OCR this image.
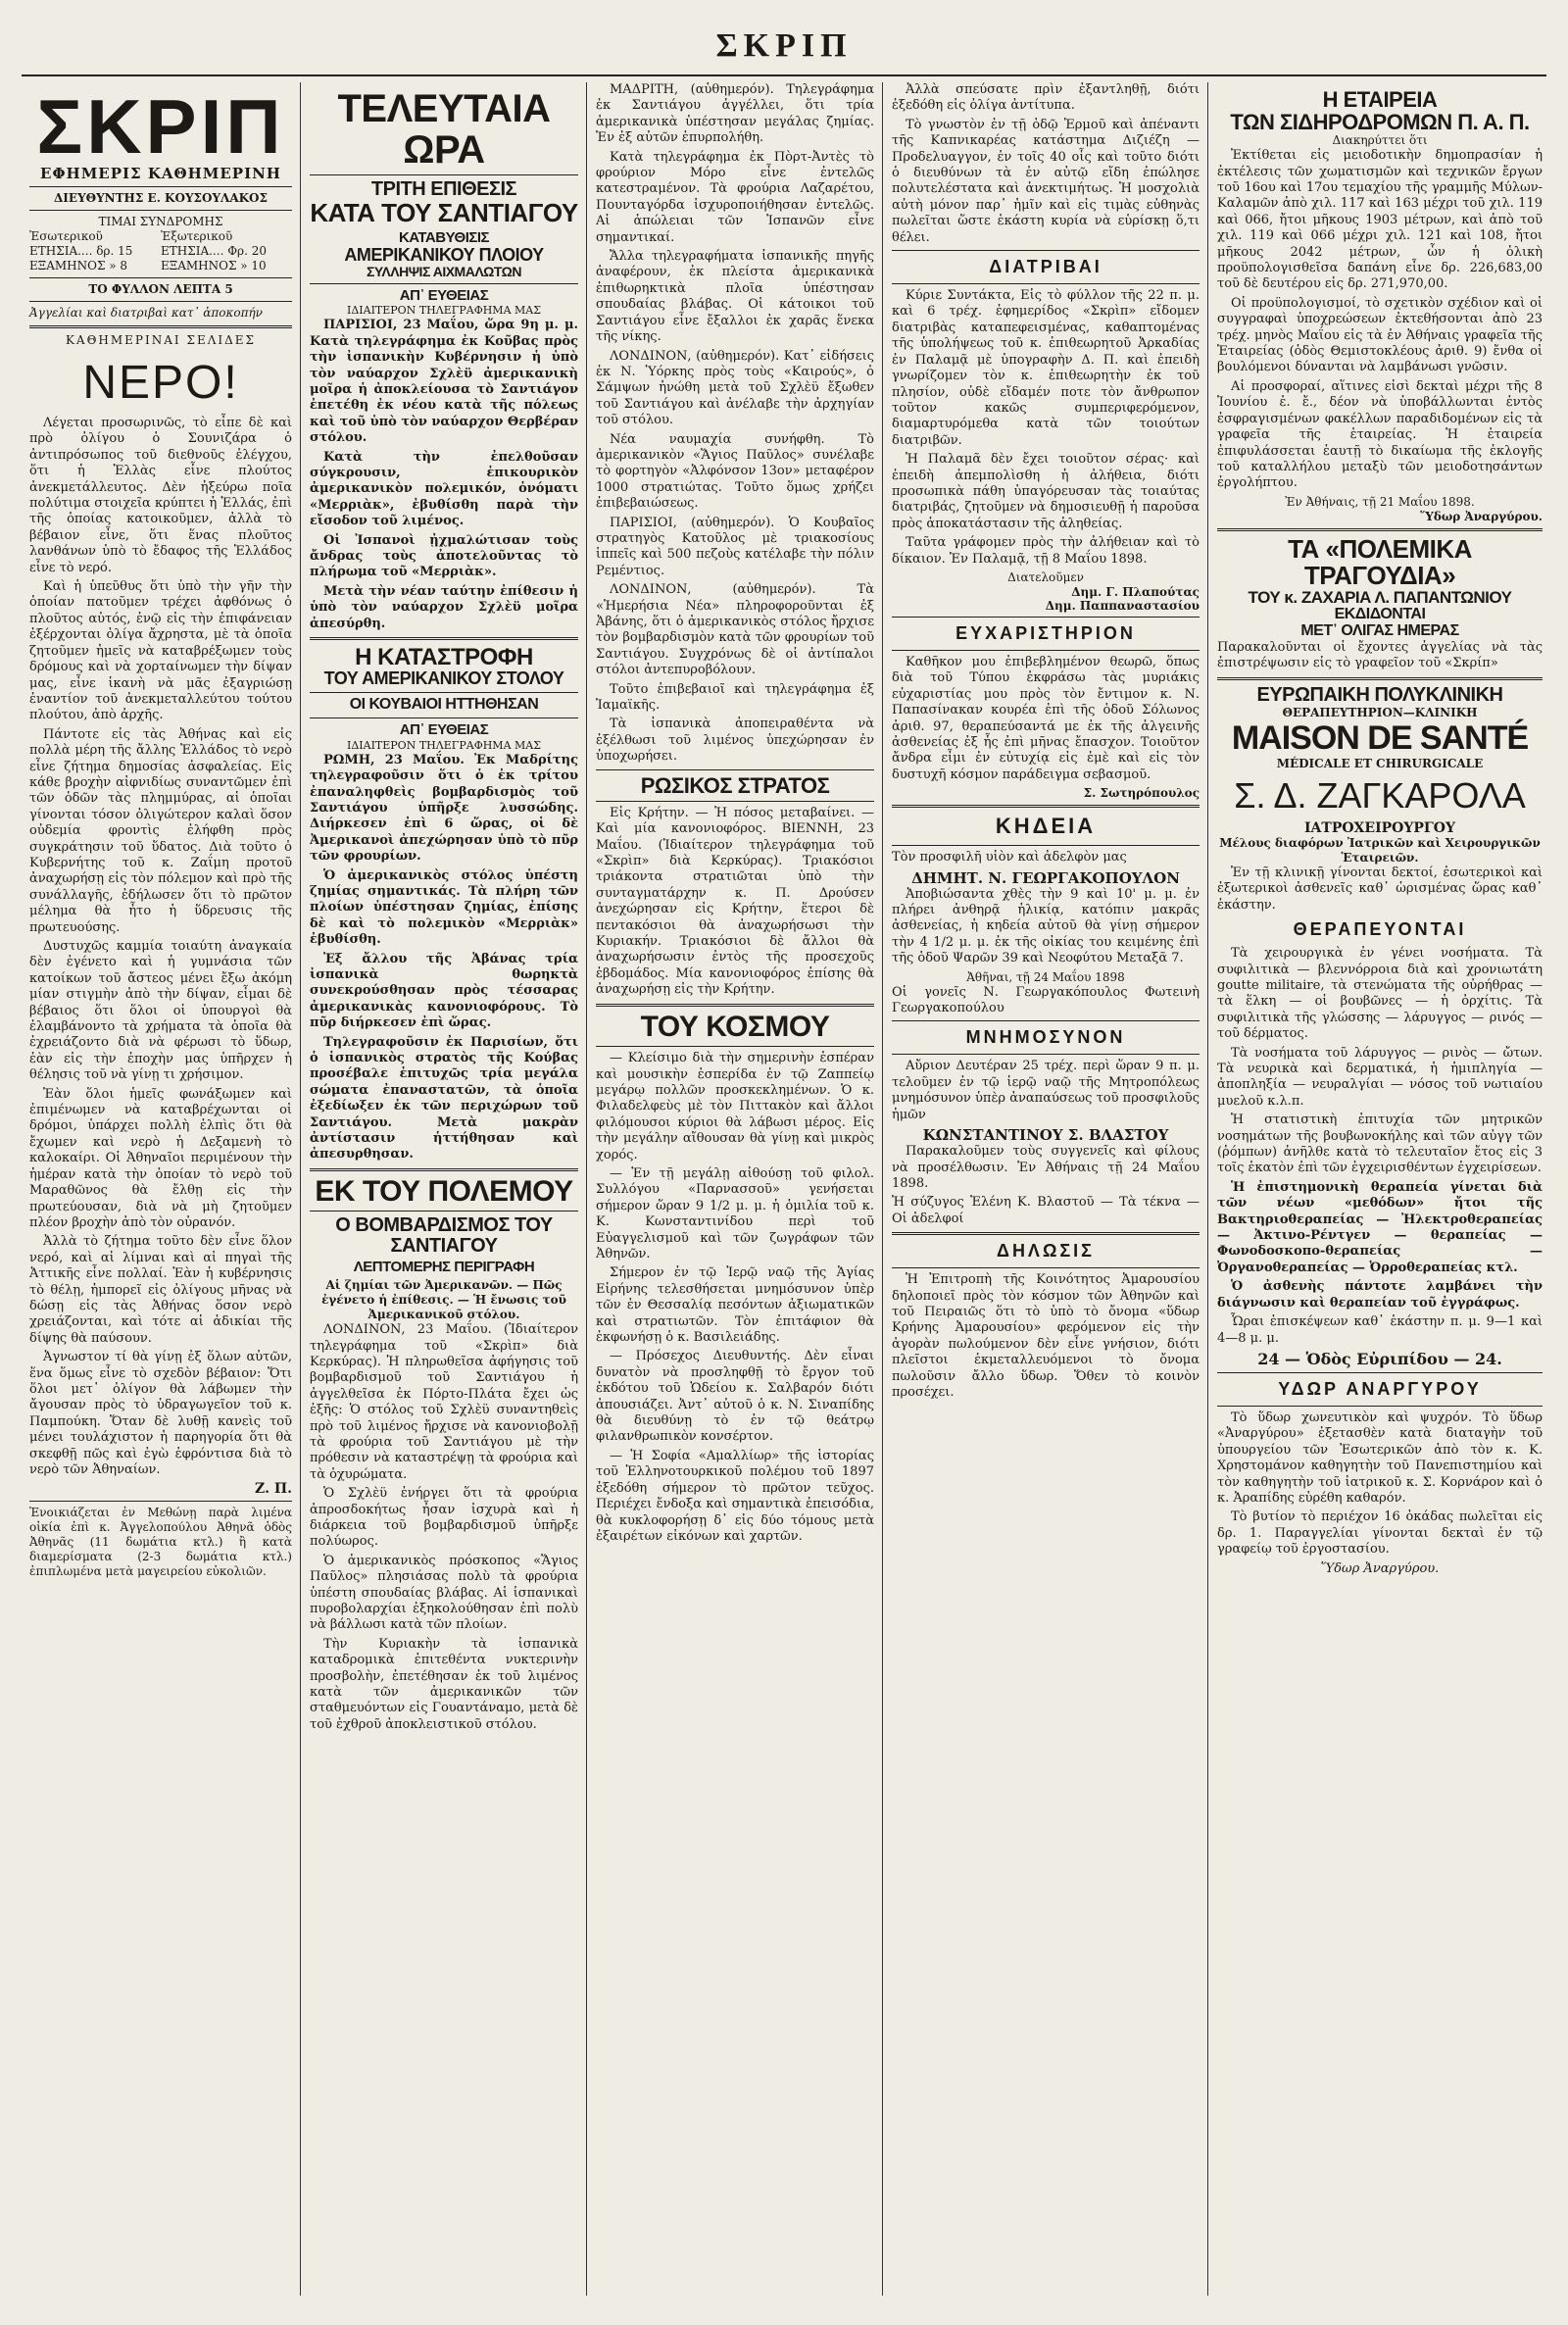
ΣΚΡΙΠ
ΣΚΡΙΠ
ΕΦΗΜΕΡΙΣ ΚΑΘΗΜΕΡΙΝΗ
ΔΙΕΥΘΥΝΤΗΣ Ε. ΚΟΥΣΟΥΛΑΚΟΣ
ΤΙΜΑΙ ΣΥΝΔΡΟΜΗΣ
Ἐσωτερικοῦ	Ἐξωτερικοῦ
ΕΤΗΣΙΑ.... δρ. 15	ΕΤΗΣΙΑ.... Φρ. 20
ΕΞΑΜΗΝΟΣ » 8	ΕΞΑΜΗΝΟΣ » 10
ΤΟ ΦΥΛΛΟΝ ΛΕΠΤΑ 5
Ἀγγελίαι καὶ διατριβαὶ κατ᾽ ἀποκοπήν
ΚΑΘΗΜΕΡΙΝΑΙ ΣΕΛΙΔΕΣ
ΝΕΡΟ!

Λέγεται προσωρινῶς, τὸ εἶπε δὲ καὶ πρὸ ὀλίγου ὁ Σουνιζάρα ὁ ἀντιπρόσωπος τοῦ διεθνοῦς ἐλέγχου, ὅτι ἡ Ἑλλὰς εἶνε πλούτος ἀνεκμετάλλευτος. Δὲν ἠξεύρω ποῖα πολύτιμα στοιχεῖα κρύπτει ἡ Ἑλλάς, ἐπὶ τῆς ὁποίας κατοικοῦμεν, ἀλλὰ τὸ βέβαιον εἶνε, ὅτι ἕνας πλοῦτος λανθάνων ὑπὸ τὸ ἔδαφος τῆς Ἑλλάδος εἶνε τὸ νερό.

Καὶ ἡ ὑπεῦθυς ὅτι ὑπὸ τὴν γῆν τὴν ὁποίαν πατοῦμεν τρέχει ἀφθόνως ὁ πλοῦτος αὐτός, ἐνῷ εἰς τὴν ἐπιφάνειαν ἐξέρχονται ὀλίγα ἄχρηστα, μὲ τὰ ὁποῖα ζητοῦμεν ἡμεῖς νὰ καταβρέξωμεν τοὺς δρόμους καὶ νὰ χορταίνωμεν τὴν δίψαν μας, εἶνε ἱκανὴ νὰ μᾶς ἐξαγριώσῃ ἐναντίον τοῦ ἀνεκμεταλλεύτου τούτου πλούτου, ἀπὸ ἀρχῆς.

Πάντοτε εἰς τὰς Ἀθήνας καὶ εἰς πολλὰ μέρη τῆς ἄλλης Ἑλλάδος τὸ νερὸ εἶνε ζήτημα δημοσίας ἀσφαλείας. Εἰς κάθε βροχὴν αἰφνιδίως συναντῶμεν ἐπὶ τῶν ὁδῶν τὰς πλημμύρας, αἱ ὁποῖαι γίνονται τόσον ὀλιγώτερον καλαὶ ὅσον οὐδεμία φροντὶς ἐλήφθη πρὸς συγκράτησιν τοῦ ὕδατος. Διὰ τοῦτο ὁ Κυβερνήτης τοῦ κ. Ζαΐμη προτοῦ ἀναχωρήσῃ εἰς τὸν πόλεμον καὶ πρὸ τῆς συνάλλαγῆς, ἐδήλωσεν ὅτι τὸ πρῶτον μέλημα θὰ ἦτο ἡ ὕδρευσις τῆς πρωτευούσης.

Δυστυχῶς καμμία τοιαύτη ἀναγκαία δὲν ἐγένετο καὶ ἡ γυμνάσια τῶν κατοίκων τοῦ ἄστεος μένει ἔξω ἀκόμη μίαν στιγμὴν ἀπὸ τὴν δίψαν, εἶμαι δὲ βέβαιος ὅτι ὅλοι οἱ ὑπουργοὶ θὰ ἐλαμβάνοντο τὰ χρήματα τὰ ὁποῖα θὰ ἐχρειάζοντο διὰ νὰ φέρωσι τὸ ὕδωρ, ἐὰν εἰς τὴν ἐποχὴν μας ὑπῆρχεν ἡ θέλησις τοῦ νὰ γίνῃ τι χρήσιμον.

Ἐὰν ὅλοι ἡμεῖς φωνάξωμεν καὶ ἐπιμένωμεν νὰ καταβρέχωνται οἱ δρόμοι, ὑπάρχει πολλὴ ἐλπὶς ὅτι θὰ ἔχωμεν καὶ νερὸ ἡ Δεξαμενὴ τὸ καλοκαίρι. Οἱ Ἀθηναῖοι περιμένουν τὴν ἡμέραν κατὰ τὴν ὁποίαν τὸ νερὸ τοῦ Μαραθῶνος θὰ ἔλθῃ εἰς τὴν πρωτεύουσαν, διὰ νὰ μὴ ζητοῦμεν πλέον βροχὴν ἀπὸ τὸν οὐρανόν.

Ἀλλὰ τὸ ζήτημα τοῦτο δὲν εἶνε ὅλον νερό, καὶ αἱ λίμναι καὶ αἱ πηγαὶ τῆς Ἀττικῆς εἶνε πολλαί. Ἐὰν ἡ κυβέρνησις τὸ θέλῃ, ἠμπορεῖ εἰς ὀλίγους μῆνας νὰ δώσῃ εἰς τὰς Ἀθήνας ὅσον νερὸ χρειάζονται, καὶ τότε αἱ ἀδικίαι τῆς δίψης θὰ παύσουν.

Ἀγνωστον τί θὰ γίνῃ ἐξ ὅλων αὐτῶν, ἕνα ὅμως εἶνε τὸ σχεδὸν βέβαιον: Ὅτι ὅλοι μετ᾽ ὀλίγον θὰ λάβωμεν τὴν ἄγουσαν πρὸς τὸ ὑδραγωγεῖον τοῦ κ. Παμπούκη. Ὅταν δὲ λυθῇ κανεὶς τοῦ μένει τουλάχιστον ἡ παρηγορία ὅτι θὰ σκεφθῇ πῶς καὶ ἐγὼ ἐφρόντισα διὰ τὸ νερὸ τῶν Ἀθηναίων.

Ζ. Π.

Ἐνοικιάζεται ἐν Μεθώνῃ παρὰ λιμένα οἰκία ἐπὶ κ. Ἀγγελοπούλου Ἀθηνᾶ ὁδὸς Ἀθηνᾶς (11 δωμάτια κτλ.) ἢ κατὰ διαμερίσματα (2-3 δωμάτια κτλ.) ἐπιπλωμένα μετὰ μαγειρείου εὐκολιῶν.

ΤΕΛΕΥΤΑΙΑ ΩΡΑ
ΤΡΙΤΗ ΕΠΙΘΕΣΙΣ
ΚΑΤΑ ΤΟΥ ΣΑΝΤΙΑΓΟΥ
ΚΑΤΑΒΥΘΙΣΙΣ
ΑΜΕΡΙΚΑΝΙΚΟΥ ΠΛΟΙΟΥ
ΣΥΛΛΗΨΙΣ ΑΙΧΜΑΛΩΤΩΝ
ΑΠ᾽ ΕΥΘΕΙΑΣ
ΙΔΙΑΙΤΕΡΟΝ ΤΗΛΕΓΡΑΦΗΜΑ ΜΑΣ

ΠΑΡΙΣΙΟΙ, 23 Μαΐου, ὥρα 9η μ. μ. Κατὰ τηλεγράφημα ἐκ Κοῦβας πρὸς τὴν ἰσπανικὴν Κυβέρνησιν ἡ ὑπὸ τὸν ναύαρχον Σχλὲϋ ἀμερικανικὴ μοῖρα ἡ ἀποκλείουσα τὸ Σαντιάγον ἐπετέθη ἐκ νέου κατὰ τῆς πόλεως καὶ τοῦ ὑπὸ τὸν ναύαρχον Θερβέραν στόλου.

Κατὰ τὴν ἐπελθοῦσαν σύγκρουσιν, ἐπικουρικὸν ἀμερικανικὸν πολεμικόν, ὀνόματι «Μερριὰκ», ἐβυθίσθη παρὰ τὴν εἴσοδον τοῦ λιμένος.

Οἱ Ἰσπανοὶ ᾐχμαλώτισαν τοὺς ἄνδρας τοὺς ἀποτελοῦντας τὸ πλήρωμα τοῦ «Μερριὰκ».

Μετὰ τὴν νέαν ταύτην ἐπίθεσιν ἡ ὑπὸ τὸν ναύαρχον Σχλὲϋ μοῖρα ἀπεσύρθη.

Η ΚΑΤΑΣΤΡΟΦΗ
ΤΟΥ ΑΜΕΡΙΚΑΝΙΚΟΥ ΣΤΟΛΟΥ
ΟΙ ΚΟΥΒΑΙΟΙ ΗΤΤΗΘΗΣΑΝ
ΑΠ᾽ ΕΥΘΕΙΑΣ
ΙΔΙΑΙΤΕΡΟΝ ΤΗΛΕΓΡΑΦΗΜΑ ΜΑΣ

ΡΩΜΗ, 23 Μαΐου. Ἐκ Μαδρίτης τηλεγραφοῦσιν ὅτι ὁ ἐκ τρίτου ἐπαναληφθεὶς βομβαρδισμὸς τοῦ Σαντιάγου ὑπῆρξε λυσσώδης. Διήρκεσεν ἐπὶ 6 ὥρας, οἱ δὲ Ἀμερικανοὶ ἀπεχώρησαν ὑπὸ τὸ πῦρ τῶν φρουρίων.

Ὁ ἀμερικανικὸς στόλος ὑπέστη ζημίας σημαντικάς. Τὰ πλήρη τῶν πλοίων ὑπέστησαν ζημίας, ἐπίσης δὲ καὶ τὸ πολεμικὸν «Μερριὰκ» ἐβυθίσθη.

Ἐξ ἄλλου τῆς Ἀβάνας τρία ἰσπανικὰ θωρηκτὰ συνεκρούσθησαν πρὸς τέσσαρας ἀμερικανικὰς κανονιοφόρους. Τὸ πῦρ διήρκεσεν ἐπὶ ὥρας.

Τηλεγραφοῦσιν ἐκ Παρισίων, ὅτι ὁ ἰσπανικὸς στρατὸς τῆς Κούβας προσέβαλε ἐπιτυχῶς τρία μεγάλα σώματα ἐπαναστατῶν, τὰ ὁποῖα ἐξεδίωξεν ἐκ τῶν περιχώρων τοῦ Σαντιάγου. Μετὰ μακρὰν ἀντίστασιν ἡττήθησαν καὶ ἀπεσυρθησαν.

ΕΚ ΤΟΥ ΠΟΛΕΜΟΥ
Ο ΒΟΜΒΑΡΔΙΣΜΟΣ ΤΟΥ ΣΑΝΤΙΑΓΟΥ
ΛΕΠΤΟΜΕΡΗΣ ΠΕΡΙΓΡΑΦΗ
Αἱ ζημίαι τῶν Ἀμερικανῶν. — Πῶς ἐγένετο ἡ ἐπίθεσις. — Ἡ ἔνωσις τοῦ Ἀμερικανικοῦ στόλου.

ΛΟΝΔΙΝΟΝ, 23 Μαΐου. (Ἰδιαίτερον τηλεγράφημα τοῦ «Σκρὶπ» διὰ Κερκύρας). Ἡ πληρωθεῖσα ἀφήγησις τοῦ βομβαρδισμοῦ τοῦ Σαντιάγου ἡ ἀγγελθεῖσα ἐκ Πόρτο-Πλάτα ἔχει ὡς ἑξῆς: Ὁ στόλος τοῦ Σχλὲϋ συναντηθεὶς πρὸ τοῦ λιμένος ἤρχισε νὰ κανονιοβολῇ τὰ φρούρια τοῦ Σαντιάγου μὲ τὴν πρόθεσιν νὰ καταστρέψῃ τὰ φρούρια καὶ τὰ ὀχυρώματα.

Ὁ Σχλὲϋ ἐνήργει ὅτι τὰ φρούρια ἀπροσδοκήτως ἦσαν ἰσχυρὰ καὶ ἡ διάρκεια τοῦ βομβαρδισμοῦ ὑπῆρξε πολύωρος.

Ὁ ἀμερικανικὸς πρόσκοπος «Ἅγιος Παῦλος» πλησιάσας πολὺ τὰ φρούρια ὑπέστη σπουδαίας βλάβας. Αἱ ἰσπανικαὶ πυροβολαρχίαι ἐξηκολούθησαν ἐπὶ πολὺ νὰ βάλλωσι κατὰ τῶν πλοίων.

Τὴν Κυριακὴν τὰ ἰσπανικὰ καταδρομικὰ ἐπιτεθέντα νυκτερινὴν προσβολὴν, ἐπετέθησαν ἐκ τοῦ λιμένος κατὰ τῶν ἀμερικανικῶν τῶν σταθμευόντων εἰς Γουαντάναμο, μετὰ δὲ τοῦ ἐχθροῦ ἀποκλειστικοῦ στόλου.

ΜΑΔΡΙΤΗ, (αὐθημερόν). Τηλεγράφημα ἐκ Σαντιάγου ἀγγέλλει, ὅτι τρία ἀμερικανικὰ ὑπέστησαν μεγάλας ζημίας. Ἐν ἐξ αὐτῶν ἐπυρπολήθη.

Κατὰ τηλεγράφημα ἐκ Πὸρτ-Ἀντὲς τὸ φρούριον Μόρο εἶνε ἐντελῶς κατεστραμένον. Τὰ φρούρια Λαζαρέτου, Πουνταγόρδα ἰσχυροποιήθησαν ἐντελῶς. Αἱ ἀπώλειαι τῶν Ἰσπανῶν εἶνε σημαντικαί.

Ἄλλα τηλεγραφήματα ἰσπανικῆς πηγῆς ἀναφέρουν, ἐκ πλείστα ἀμερικανικὰ ἐπιθωρηκτικὰ πλοῖα ὑπέστησαν σπουδαίας βλάβας. Οἱ κάτοικοι τοῦ Σαντιάγου εἶνε ἔξαλλοι ἐκ χαρᾶς ἕνεκα τῆς νίκης.

ΛΟΝΔΙΝΟΝ, (αὐθημερόν). Κατ᾽ εἰδήσεις ἐκ Ν. Ὑόρκης πρὸς τοὺς «Καιρούς», ὁ Σάμψων ἡνώθη μετὰ τοῦ Σχλὲϋ ἔξωθεν τοῦ Σαντιάγου καὶ ἀνέλαβε τὴν ἀρχηγίαν τοῦ στόλου.

Νέα ναυμαχία συνήφθη. Τὸ ἀμερικανικὸν «Ἅγιος Παῦλος» συνέλαβε τὸ φορτηγὸν «Ἀλφόνσον 13ον» μεταφέρον 1000 στρατιώτας. Τοῦτο ὅμως χρήζει ἐπιβεβαιώσεως.

ΠΑΡΙΣΙΟΙ, (αὐθημερόν). Ὁ Κουβαῖος στρατηγὸς Κατοῦλος μὲ τριακοσίους ἱππεῖς καὶ 500 πεζοὺς κατέλαβε τὴν πόλιν Ρεμέντιος.

ΛΟΝΔΙΝΟΝ, (αὐθημερόν). Τὰ «Ἡμερήσια Νέα» πληροφοροῦνται ἐξ Ἀβάνης, ὅτι ὁ ἀμερικανικὸς στόλος ἤρχισε τὸν βομβαρδισμὸν κατὰ τῶν φρουρίων τοῦ Σαντιάγου. Συγχρόνως δὲ οἱ ἀντίπαλοι στόλοι ἀντεπυροβόλουν.

Τοῦτο ἐπιβεβαιοῖ καὶ τηλεγράφημα ἐξ Ἰαμαϊκῆς.

Τὰ ἰσπανικὰ ἀποπειραθέντα νὰ ἐξέλθωσι τοῦ λιμένος ὑπεχώρησαν ἐν ὑποχωρήσει.

ΡΩΣΙΚΟΣ ΣΤΡΑΤΟΣ

Εἰς Κρήτην. — Ἡ πόσος μεταβαίνει. — Καὶ μία κανονιοφόρος. ΒΙΕΝΝΗ, 23 Μαΐου. (Ἰδιαίτερον τηλεγράφημα τοῦ «Σκρὶπ» διὰ Κερκύρας). Τριακόσιοι τριάκοντα στρατιῶται ὑπὸ τὴν συνταγματάρχην κ. Π. Δρούσεν ἀνεχώρησαν εἰς Κρήτην, ἕτεροι δὲ πεντακόσιοι θὰ ἀναχωρήσωσι τὴν Κυριακήν. Τριακόσιοι δὲ ἄλλοι θὰ ἀναχωρήσωσιν ἐντὸς τῆς προσεχοῦς ἑβδομάδος. Μία κανονιοφόρος ἐπίσης θὰ ἀναχωρήσῃ εἰς τὴν Κρήτην.

ΤΟΥ ΚΟΣΜΟΥ

— Κλείσιμο διὰ τὴν σημερινὴν ἑσπέραν καὶ μουσικὴν ἑσπερίδα ἐν τῷ Ζαππείῳ μεγάρῳ πολλῶν προσκεκλημένων. Ὁ κ. Φιλαδελφεὺς μὲ τὸν Πιττακὸν καὶ ἄλλοι φιλόμουσοι κύριοι θὰ λάβωσι μέρος. Εἰς τὴν μεγάλην αἴθουσαν θὰ γίνῃ καὶ μικρὸς χορός.

— Ἐν τῇ μεγάλῃ αἰθούσῃ τοῦ φιλολ. Συλλόγου «Παρνασσοῦ» γενήσεται σήμερον ὥραν 9 1/2 μ. μ. ἡ ὁμιλία τοῦ κ. Κ. Κωνσταντινίδου περὶ τοῦ Εὐαγγελισμοῦ καὶ τῶν ζωγράφων τῶν Ἀθηνῶν.

Σήμερον ἐν τῷ Ἱερῷ ναῷ τῆς Ἁγίας Εἰρήνης τελεσθήσεται μνημόσυνον ὑπὲρ τῶν ἐν Θεσσαλίᾳ πεσόντων ἀξιωματικῶν καὶ στρατιωτῶν. Τὸν ἐπιτάφιον θὰ ἐκφωνήσῃ ὁ κ. Βασιλειάδης.

— Πρόσεχος Διευθυντής. Δὲν εἶναι δυνατὸν νὰ προσληφθῇ τὸ ἔργον τοῦ ἐκδότου τοῦ Ὡδείου κ. Σαλβαρόν διότι ἀπουσιάζει. Ἀντ᾽ αὐτοῦ ὁ κ. Ν. Σιναπίδης θὰ διευθύνῃ τὸ ἐν τῷ θεάτρῳ φιλανθρωπικὸν κονσέρτον.

— Ἡ Σοφία «Αμαλλίωρ» τῆς ἱστορίας τοῦ Ἑλληνοτουρκικοῦ πολέμου τοῦ 1897 ἐξεδόθη σήμερον τὸ πρῶτον τεῦχος. Περιέχει ἔνδοξα καὶ σημαντικὰ ἐπεισόδια, θὰ κυκλοφορήσῃ δ᾽ εἰς δύο τόμους μετὰ ἐξαιρέτων εἰκόνων καὶ χαρτῶν.

Ἀλλὰ σπεύσατε πρὶν ἐξαντληθῇ, διότι ἐξεδόθη εἰς ὀλίγα ἀντίτυπα.

Τὸ γνωστὸν ἐν τῇ ὁδῷ Ἑρμοῦ καὶ ἀπέναντι τῆς Καπνικαρέας κατάστημα Διζιέζη — Προδελυαγγον, ἐν τοῖς 40 οἷς καὶ τοῦτο διότι ὁ διευθύνων τὰ ἐν αὐτῷ εἴδη ἐπώλησε πολυτελέστατα καὶ ἀνεκτιμήτως. Ἡ μοσχολιὰ αὐτὴ μόνον παρ᾽ ἡμῖν καὶ εἰς τιμὰς εὐθηνὰς πωλεῖται ὥστε ἑκάστη κυρία νὰ εὑρίσκῃ ὅ,τι θέλει.

ΔΙΑΤΡΙΒΑΙ

Κύριε Συντάκτα, Εἰς τὸ φύλλον τῆς 22 π. μ. καὶ 6 τρέχ. ἐφημερίδος «Σκρὶπ» εἴδομεν διατριβὰς καταπεφεισμένας, καθαπτομένας τῆς ὑπολήψεως τοῦ κ. ἐπιθεωρητοῦ Ἀρκαδίας ἐν Παλαμᾷ μὲ ὑπογραφὴν Δ. Π. καὶ ἐπειδὴ γνωρίζομεν τὸν κ. ἐπιθεωρητὴν ἐκ τοῦ πλησίον, οὐδὲ εἴδαμέν ποτε τὸν ἄνθρωπον τοῦτον κακῶς συμπεριφερόμενον, διαμαρτυρόμεθα κατὰ τῶν τοιούτων διατριβῶν.

Ἡ Παλαμᾶ δὲν ἔχει τοιοῦτον σέρας· καὶ ἐπειδὴ ἀπεμπολὶσθη ἡ ἀλήθεια, διότι προσωπικὰ πάθη ὑπαγόρευσαν τὰς τοιαύτας διατριβάς, ζητοῦμεν νὰ δημοσιευθῇ ἡ παροῦσα πρὸς ἀποκατάστασιν τῆς ἀληθείας.

Ταῦτα γράφομεν πρὸς τὴν ἀλήθειαν καὶ τὸ δίκαιον. Ἐν Παλαμᾷ, τῇ 8 Μαΐου 1898.

Διατελοῦμεν
Δημ. Γ. Πλαπούτας
Δημ. Παππαναστασίου
ΕΥΧΑΡΙΣΤΗΡΙΟΝ

Καθῆκον μου ἐπιβεβλημένον θεωρῶ, ὅπως διὰ τοῦ Τύπου ἐκφράσω τὰς μυριάκις εὐχαριστίας μου πρὸς τὸν ἔντιμον κ. Ν. Παπασίνακαν κουρέα ἐπὶ τῆς ὁδοῦ Σόλωνος ἀριθ. 97, θεραπεύσαντά με ἐκ τῆς ἀλγεινῆς ἀσθενείας ἐξ ἧς ἐπὶ μῆνας ἔπασχον. Τοιοῦτον ἄνδρα εἶμι ἐν εὐτυχίᾳ εἰς ἐμὲ καὶ εἰς τὸν δυστυχῆ κόσμον παράδειγμα σεβασμοῦ.

Σ. Σωτηρόπουλος
ΚΗΔΕΙΑ

Τὸν προσφιλῆ υἱὸν καὶ ἀδελφὸν μας

ΔΗΜΗΤ. Ν. ΓΕΩΡΓΑΚΟΠΟΥΛΟΝ

Ἀποβιώσαντα χθὲς τὴν 9 καὶ 10' μ. μ. ἐν πλήρει ἀνθηρᾷ ἡλικίᾳ, κατόπιν μακρᾶς ἀσθενείας, ἡ κηδεία αὐτοῦ θὰ γίνῃ σήμερον τὴν 4 1/2 μ. μ. ἐκ τῆς οἰκίας του κειμένης ἐπὶ τῆς ὁδοῦ Ψαρῶν 39 καὶ Νεοφύτου Μεταξᾶ 7.

Ἀθῆναι, τῇ 24 Μαΐου 1898

Οἱ γονεῖς Ν. Γεωργακόπουλος Φωτεινὴ Γεωργακοπούλου

ΜΝΗΜΟΣΥΝΟΝ

Αὔριον Δευτέραν 25 τρέχ. περὶ ὥραν 9 π. μ. τελοῦμεν ἐν τῷ ἱερῷ ναῷ τῆς Μητροπόλεως μνημόσυνον ὑπὲρ ἀναπαύσεως τοῦ προσφιλοῦς ἡμῶν

ΚΩΝΣΤΑΝΤΙΝΟΥ Σ. ΒΛΑΣΤΟΥ

Παρακαλοῦμεν τοὺς συγγενεῖς καὶ φίλους νὰ προσέλθωσιν. Ἐν Ἀθήναις τῇ 24 Μαΐου 1898.

Ἡ σύζυγος Ἑλένη Κ. Βλαστοῦ — Τὰ τέκνα — Οἱ ἀδελφοί

ΔΗΛΩΣΙΣ

Ἡ Ἐπιτροπὴ τῆς Κοινότητος Ἀμαρουσίου δηλοποιεῖ πρὸς τὸν κόσμον τῶν Ἀθηνῶν καὶ τοῦ Πειραιῶς ὅτι τὸ ὑπὸ τὸ ὄνομα «ὕδωρ Κρήνης Ἀμαρουσίου» φερόμενον εἰς τὴν ἀγορὰν πωλούμενον δὲν εἶνε γνήσιον, διότι πλεῖστοι ἐκμεταλλευόμενοι τὸ ὄνομα πωλοῦσιν ἄλλο ὕδωρ. Ὅθεν τὸ κοινὸν προσέχει.

Η ΕΤΑΙΡΕΙΑ
ΤΩΝ ΣΙΔΗΡΟΔΡΟΜΩΝ Π. Α. Π.
Διακηρύττει ὅτι

Ἐκτίθεται εἰς μειοδοτικὴν δημοπρασίαν ἡ ἐκτέλεσις τῶν χωματισμῶν καὶ τεχνικῶν ἔργων τοῦ 16ου καὶ 17ου τεμαχίου τῆς γραμμῆς Μύλων-Καλαμῶν ἀπὸ χιλ. 117 καὶ 163 μέχρι τοῦ χιλ. 119 καὶ 066, ἤτοι μῆκους 1903 μέτρων, καὶ ἀπὸ τοῦ χιλ. 119 καὶ 066 μέχρι χιλ. 121 καὶ 108, ἤτοι μῆκους 2042 μέτρων, ὧν ἡ ὁλικὴ προϋπολογισθεῖσα δαπάνη εἶνε δρ. 226,683,00 τοῦ δὲ δευτέρου εἰς δρ. 271,970,00.

Οἱ προϋπολογισμοί, τὸ σχετικὸν σχέδιον καὶ οἱ συγγραφαὶ ὑποχρεώσεων ἐκτεθήσονται ἀπὸ 23 τρέχ. μηνὸς Μαΐου εἰς τὰ ἐν Ἀθήναις γραφεῖα τῆς Ἑταιρείας (ὁδὸς Θεμιστοκλέους ἀριθ. 9) ἔνθα οἱ βουλόμενοι δύνανται νὰ λαμβάνωσι γνῶσιν.

Αἱ προσφοραί, αἵτινες εἰσὶ δεκταὶ μέχρι τῆς 8 Ἰουνίου ἐ. ἔ., δέον νὰ ὑποβάλλωνται ἐντὸς ἐσφραγισμένων φακέλλων παραδιδομένων εἰς τὰ γραφεῖα τῆς ἑταιρείας. Ἡ ἑταιρεία ἐπιφυλάσσεται ἑαυτῇ τὸ δικαίωμα τῆς ἐκλογῆς τοῦ καταλλήλου μεταξὺ τῶν μειοδοτησάντων ἐργολήπτου.

Ἐν Ἀθήναις, τῇ 21 Μαΐου 1898.
Ὕδωρ Ἀναργύρου.
ΤΑ «ΠΟΛΕΜΙΚΑ ΤΡΑΓΟΥΔΙΑ»
ΤΟΥ κ. ΖΑΧΑΡΙΑ Λ. ΠΑΠΑΝΤΩΝΙΟΥ
ΕΚΔΙΔΟΝΤΑΙ
ΜΕΤ᾽ ΟΛΙΓΑΣ ΗΜΕΡΑΣ

Παρακαλοῦνται οἱ ἔχοντες ἀγγελίας νὰ τὰς ἐπιστρέψωσιν εἰς τὸ γραφεῖον τοῦ «Σκρίπ»

ΕΥΡΩΠΑΙΚΗ ΠΟΛΥΚΛΙΝΙΚΗ
ΘΕΡΑΠΕΥΤΗΡΙΟΝ—ΚΛΙΝΙΚΗ
MAISON DE SANTÉ
MÉDICALE ET CHIRURGICALE
Σ. Δ. ΖΑΓΚΑΡΟΛΑ
ΙΑΤΡΟΧΕΙΡΟΥΡΓΟΥ
Μέλους διαφόρων Ἰατρικῶν καὶ Χειρουργικῶν Ἑταιρειῶν.

Ἐν τῇ κλινικῇ γίνονται δεκτοί, ἐσωτερικοὶ καὶ ἐξωτερικοὶ ἀσθενεῖς καθ᾽ ὡρισμένας ὥρας καθ᾽ ἑκάστην.

ΘΕΡΑΠΕΥΟΝΤΑΙ

Τὰ χειρουργικὰ ἐν γένει νοσήματα. Τὰ συφιλιτικὰ — βλεννόρροια διὰ καὶ χρονιωτάτη goutte militaire, τὰ στενώματα τῆς οὐρήθρας — τὰ ἕλκη — οἱ βουβῶνες — ἡ ὀρχίτις. Τὰ συφιλιτικὰ τῆς γλώσσης — λάρυγγος — ρινός — τοῦ δέρματος.

Τὰ νοσήματα τοῦ λάρυγγος — ρινὸς — ὤτων. Τὰ νευρικὰ καὶ δερματικά, ἡ ἡμιπληγία — ἀποπληξία — νευραλγίαι — νόσος τοῦ νωτιαίου μυελοῦ κ.λ.π.

Ἡ στατιστικὴ ἐπιτυχία τῶν μητρικῶν νοσημάτων τῆς βουβωνοκήλης καὶ τῶν αὐγγ τῶν (ῥόμπων) ἀνῆλθε κατὰ τὸ τελευταῖον ἔτος εἰς 3 τοῖς ἑκατὸν ἐπὶ τῶν ἐγχειρισθέντων ἐγχειρίσεων.

Ἡ ἐπιστημονικὴ θεραπεία γίνεται διὰ τῶν νέων «μεθόδων» ἤτοι τῆς Βακτηριοθεραπείας — Ἠλεκτροθεραπείας — Ἀκτινο-Ρέντγεν — θεραπείας — Φωνοδοσκοπο-θεραπείας — Ὀργανοθεραπείας — Ὀρροθεραπείας κτλ.

Ὁ ἀσθενὴς πάντοτε λαμβάνει τὴν διάγνωσιν καὶ θεραπείαν τοῦ ἐγγράφως.

Ὧραι ἐπισκέψεων καθ᾽ ἑκάστην π. μ. 9—1 καὶ 4—8 μ. μ.

24 — Ὁδὸς Εὐριπίδου — 24.
ΥΔΩΡ ΑΝΑΡΓΥΡΟΥ

Τὸ ὕδωρ χωνευτικὸν καὶ ψυχρόν. Τὸ ὕδωρ «Ἀναργύρου» ἐξετασθὲν κατὰ διαταγὴν τοῦ ὑπουργείου τῶν Ἐσωτερικῶν ἀπὸ τὸν κ. Κ. Χρηστομάνον καθηγητὴν τοῦ Πανεπιστημίου καὶ τὸν καθηγητὴν τοῦ ἰατρικοῦ κ. Σ. Κορνάρον καὶ ὁ κ. Ἀραπίδης εὑρέθη καθαρόν.

Τὸ βυτίον τὸ περιέχον 16 ὀκάδας πωλεῖται εἰς δρ. 1. Παραγγελίαι γίνονται δεκταὶ ἐν τῷ γραφείῳ τοῦ ἐργοστασίου.

Ὕδωρ Ἀναργύρου.
